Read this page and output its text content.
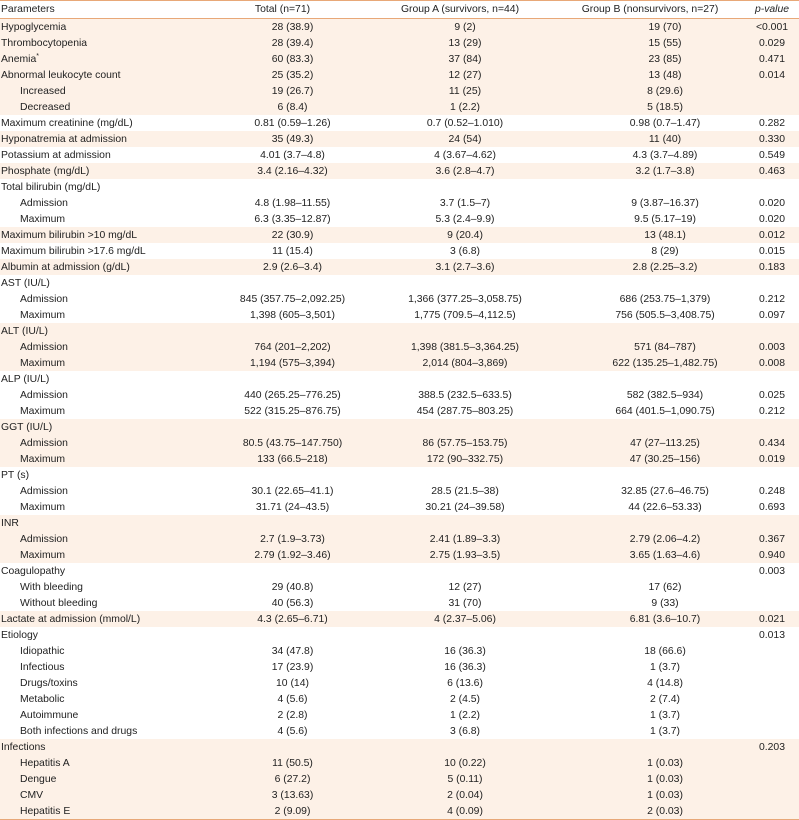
Parameters	Total (n=71)	Group A (survivors, n=44)	Group B (nonsurvivors, n=27)	p-value
Hypoglycemia	28 (38.9)	9 (2)	19 (70)	<0.001
Thrombocytopenia	28 (39.4)	13 (29)	15 (55)	0.029
Anemia*	60 (83.3)	37 (84)	23 (85)	0.471
Abnormal leukocyte count	25 (35.2)	12 (27)	13 (48)	0.014
Increased	19 (26.7)	11 (25)	8 (29.6)	
Decreased	6 (8.4)	1 (2.2)	5 (18.5)	
Maximum creatinine (mg/dL)	0.81 (0.59–1.26)	0.7 (0.52–1.010)	0.98 (0.7–1.47)	0.282
Hyponatremia at admission	35 (49.3)	24 (54)	11 (40)	0.330
Potassium at admission	4.01 (3.7–4.8)	4 (3.67–4.62)	4.3 (3.7–4.89)	0.549
Phosphate (mg/dL)	3.4 (2.16–4.32)	3.6 (2.8–4.7)	3.2 (1.7–3.8)	0.463
Total bilirubin (mg/dL)				
Admission	4.8 (1.98–11.55)	3.7 (1.5–7)	9 (3.87–16.37)	0.020
Maximum	6.3 (3.35–12.87)	5.3 (2.4–9.9)	9.5 (5.17–19)	0.020
Maximum bilirubin >10 mg/dL	22 (30.9)	9 (20.4)	13 (48.1)	0.012
Maximum bilirubin >17.6 mg/dL	11 (15.4)	3 (6.8)	8 (29)	0.015
Albumin at admission (g/dL)	2.9 (2.6–3.4)	3.1 (2.7–3.6)	2.8 (2.25–3.2)	0.183
AST (IU/L)				
Admission	845 (357.75–2,092.25)	1,366 (377.25–3,058.75)	686 (253.75–1,379)	0.212
Maximum	1,398 (605–3,501)	1,775 (709.5–4,112.5)	756 (505.5–3,408.75)	0.097
ALT (IU/L)				
Admission	764 (201–2,202)	1,398 (381.5–3,364.25)	571 (84–787)	0.003
Maximum	1,194 (575–3,394)	2,014 (804–3,869)	622 (135.25–1,482.75)	0.008
ALP (IU/L)				
Admission	440 (265.25–776.25)	388.5 (232.5–633.5)	582 (382.5–934)	0.025
Maximum	522 (315.25–876.75)	454 (287.75–803.25)	664 (401.5–1,090.75)	0.212
GGT (IU/L)				
Admission	80.5 (43.75–147.750)	86 (57.75–153.75)	47 (27–113.25)	0.434
Maximum	133 (66.5–218)	172 (90–332.75)	47 (30.25–156)	0.019
PT (s)				
Admission	30.1 (22.65–41.1)	28.5 (21.5–38)	32.85 (27.6–46.75)	0.248
Maximum	31.71 (24–43.5)	30.21 (24–39.58)	44 (22.6–53.33)	0.693
INR				
Admission	2.7 (1.9–3.73)	2.41 (1.89–3.3)	2.79 (2.06–4.2)	0.367
Maximum	2.79 (1.92–3.46)	2.75 (1.93–3.5)	3.65 (1.63–4.6)	0.940
Coagulopathy				0.003
With bleeding	29 (40.8)	12 (27)	17 (62)	
Without bleeding	40 (56.3)	31 (70)	9 (33)	
Lactate at admission (mmol/L)	4.3 (2.65–6.71)	4 (2.37–5.06)	6.81 (3.6–10.7)	0.021
Etiology				0.013
Idiopathic	34 (47.8)	16 (36.3)	18 (66.6)	
Infectious	17 (23.9)	16 (36.3)	1 (3.7)	
Drugs/toxins	10 (14)	6 (13.6)	4 (14.8)	
Metabolic	4 (5.6)	2 (4.5)	2 (7.4)	
Autoimmune	2 (2.8)	1 (2.2)	1 (3.7)	
Both infections and drugs	4 (5.6)	3 (6.8)	1 (3.7)	
Infections				0.203
Hepatitis A	11 (50.5)	10 (0.22)	1 (0.03)	
Dengue	6 (27.2)	5 (0.11)	1 (0.03)	
CMV	3 (13.63)	2 (0.04)	1 (0.03)	
Hepatitis E	2 (9.09)	4 (0.09)	2 (0.03)	
